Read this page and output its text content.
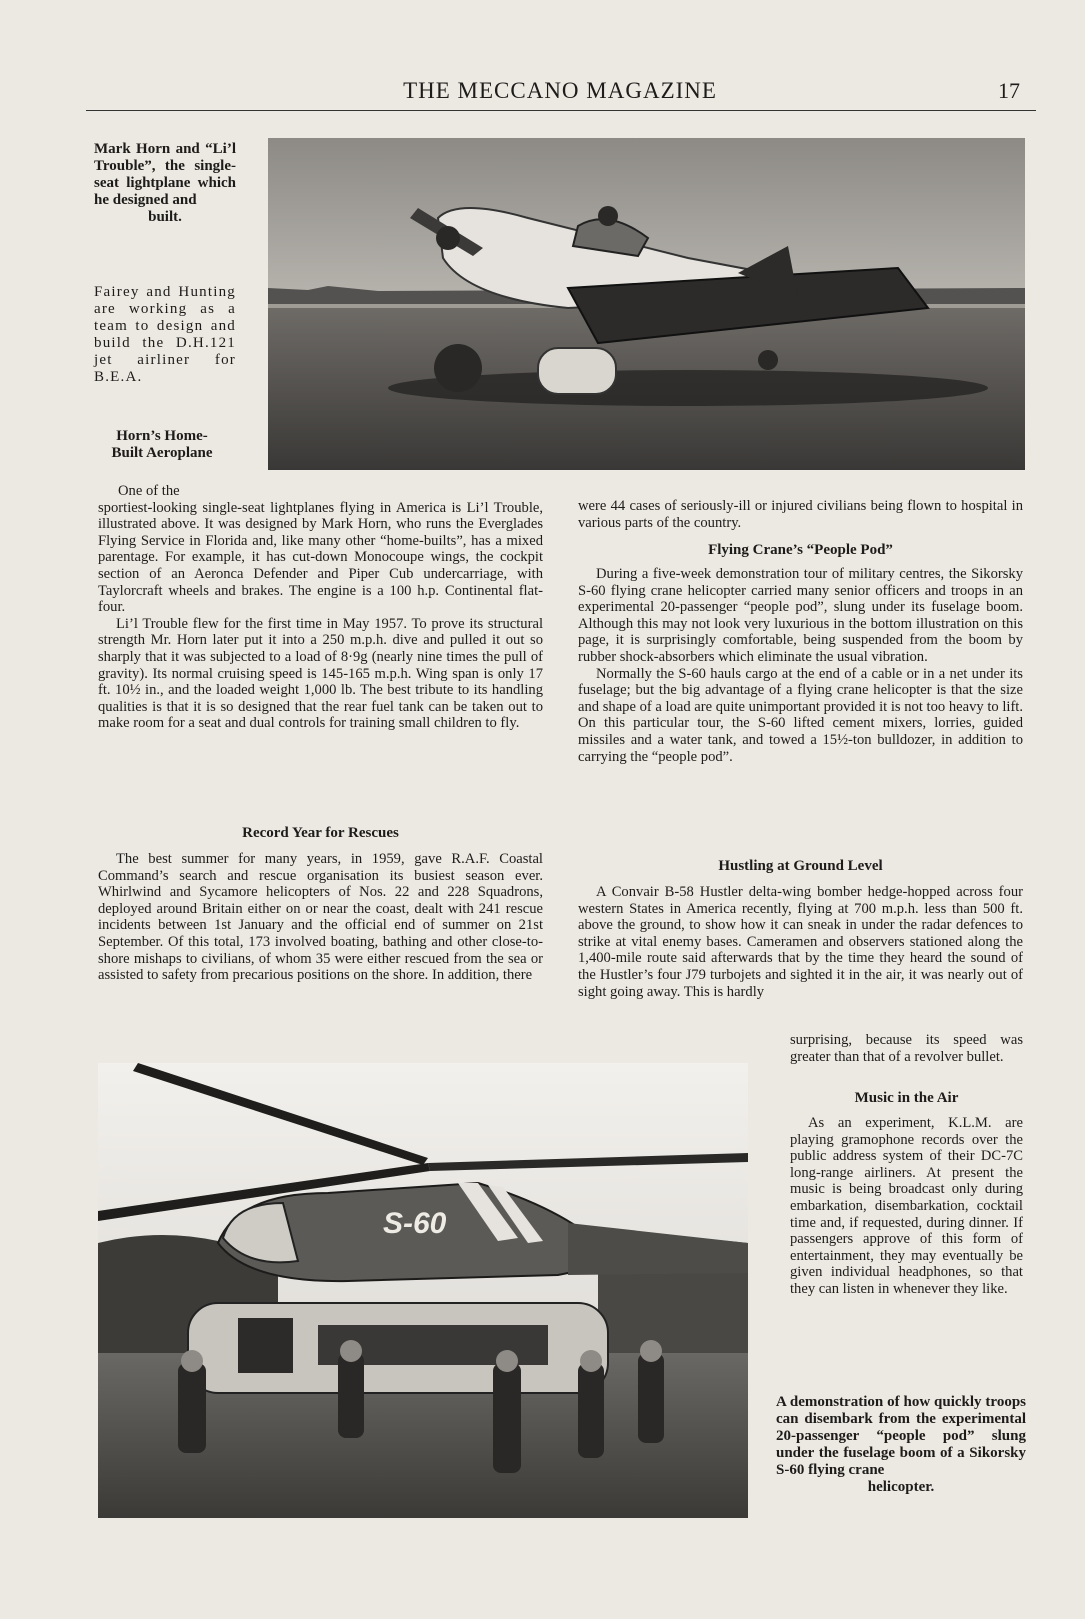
THE MECCANO MAGAZINE	17
Mark Horn and “Li’l Trouble”, the single-seat lightplane which he designed and
built.
Fairey and Hunting are working as a team to design and build the D.H.121 jet airliner for B.E.A.
Horn’s Home-Built Aeroplane

One of the

sportiest-looking single-seat lightplanes flying in America is Li’l Trouble, illustrated above. It was designed by Mark Horn, who runs the Everglades Flying Service in Florida and, like many other “home-builts”, has a mixed parentage. For example, it has cut-down Monocoupe wings, the cockpit section of an Aeronca Defender and Piper Cub undercarriage, with Taylorcraft wheels and brakes. The engine is a 100 h.p. Continental flat-four.

Li’l Trouble flew for the first time in May 1957. To prove its structural strength Mr. Horn later put it into a 250 m.p.h. dive and pulled it out so sharply that it was subjected to a load of 8·9g (nearly nine times the pull of gravity). Its normal cruising speed is 145-165 m.p.h. Wing span is only 17 ft. 10½ in., and the loaded weight 1,000 lb. The best tribute to its handling qualities is that it is so designed that the rear fuel tank can be taken out to make room for a seat and dual controls for training small children to fly.

Record Year for Rescues

The best summer for many years, in 1959, gave R.A.F. Coastal Command’s search and rescue organisation its busiest season ever. Whirlwind and Sycamore helicopters of Nos. 22 and 228 Squadrons, deployed around Britain either on or near the coast, dealt with 241 rescue incidents between 1st January and the official end of summer on 21st September. Of this total, 173 involved boating, bathing and other close-to-shore mishaps to civilians, of whom 35 were either rescued from the sea or assisted to safety from precarious positions on the shore. In addition, there

were 44 cases of seriously-ill or injured civilians being flown to hospital in various parts of the country.

Flying Crane’s “People Pod”

During a five-week demonstration tour of military centres, the Sikorsky S-60 flying crane helicopter carried many senior officers and troops in an experimental 20-passenger “people pod”, slung under its fuselage boom. Although this may not look very luxurious in the bottom illustration on this page, it is surprisingly comfortable, being suspended from the boom by rubber shock-absorbers which eliminate the usual vibration.

Normally the S-60 hauls cargo at the end of a cable or in a net under its fuselage; but the big advantage of a flying crane helicopter is that the size and shape of a load are quite unimportant provided it is not too heavy to lift. On this particular tour, the S-60 lifted cement mixers, lorries, guided missiles and a water tank, and towed a 15½-ton bulldozer, in addition to carrying the “people pod”.

Hustling at Ground Level

A Convair B-58 Hustler delta-wing bomber hedge-hopped across four western States in America recently, flying at 700 m.p.h. less than 500 ft. above the ground, to show how it can sneak in under the radar defences to strike at vital enemy bases. Cameramen and observers stationed along the 1,400-mile route said afterwards that by the time they heard the sound of the Hustler’s four J79 turbojets and sighted it in the air, it was nearly out of sight going away. This is hardly

surprising, because its speed was greater than that of a revolver bullet.

Music in the Air

As an experiment, K.L.M. are playing gramophone records over the public address system of their DC-7C long-range airliners. At present the music is being broadcast only during embarkation, disembarkation, cocktail time and, if requested, during dinner. If passengers approve of this form of entertainment, they may eventually be given individual headphones, so that they can listen in whenever they like.

S-60
A demonstration of how quickly troops can disembark from the experimental 20-passenger “people pod” slung under the fuselage boom of a Sikorsky S-60 flying crane
helicopter.
